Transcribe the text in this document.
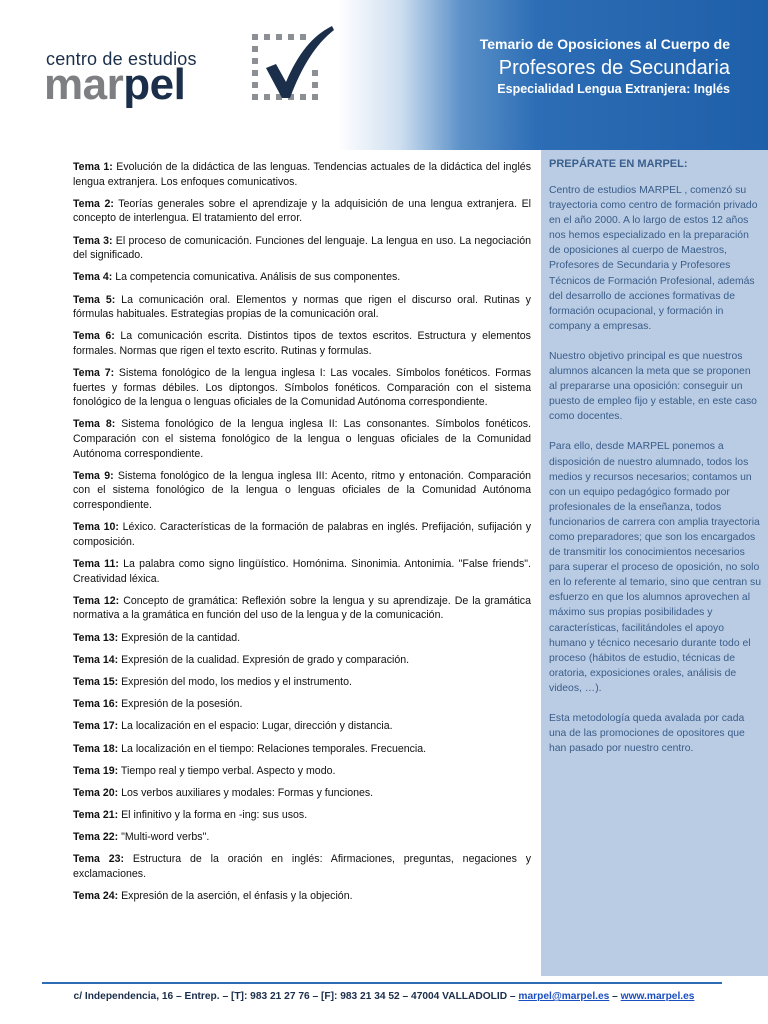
centro de estudios
marpel
Temario de Oposiciones al Cuerpo de
Profesores de Secundaria
Especialidad Lengua Extranjera: Inglés

Tema 1: Evolución de la didáctica de las lenguas. Tendencias actuales de la didáctica del inglés lengua extranjera. Los enfoques comunicativos.

Tema 2: Teorías generales sobre el aprendizaje y la adquisición de una lengua extranjera. El concepto de interlengua. El tratamiento del error.

Tema 3: El proceso de comunicación. Funciones del lenguaje. La lengua en uso. La negociación del significado.

Tema 4: La competencia comunicativa. Análisis de sus componentes.

Tema 5: La comunicación oral. Elementos y normas que rigen el discurso oral. Rutinas y fórmulas habituales. Estrategias propias de la comunicación oral.

Tema 6: La comunicación escrita. Distintos tipos de textos escritos. Estructura y elementos formales. Normas que rigen el texto escrito. Rutinas y formulas.

Tema 7: Sistema fonológico de la lengua inglesa I: Las vocales. Símbolos fonéticos. Formas fuertes y formas débiles. Los diptongos. Símbolos fonéticos. Comparación con el sistema fonológico de la lengua o lenguas oficiales de la Comunidad Autónoma correspondiente.

Tema 8: Sistema fonológico de la lengua inglesa II: Las consonantes. Símbolos fonéticos. Comparación con el sistema fonológico de la lengua o lenguas oficiales de la Comunidad Autónoma correspondiente.

Tema 9: Sistema fonológico de la lengua inglesa III: Acento, ritmo y entonación. Comparación con el sistema fonológico de la lengua o lenguas oficiales de la Comunidad Autónoma correspondiente.

Tema 10: Léxico. Características de la formación de palabras en inglés. Prefijación, sufijación y composición.

Tema 11: La palabra como signo lingüístico. Homónima. Sinonimia. Antonimia. "False friends". Creatividad léxica.

Tema 12: Concepto de gramática: Reflexión sobre la lengua y su aprendizaje. De la gramática normativa a la gramática en función del uso de la lengua y de la comunicación.

Tema 13: Expresión de la cantidad.

Tema 14: Expresión de la cualidad. Expresión de grado y comparación.

Tema 15: Expresión del modo, los medios y el instrumento.

Tema 16: Expresión de la posesión.

Tema 17: La localización en el espacio: Lugar, dirección y distancia.

Tema 18: La localización en el tiempo: Relaciones temporales. Frecuencia.

Tema 19: Tiempo real y tiempo verbal. Aspecto y modo.

Tema 20: Los verbos auxiliares y modales: Formas y funciones.

Tema 21: El infinitivo y la forma en -ing: sus usos.

Tema 22: "Multi-word verbs".

Tema 23: Estructura de la oración en inglés: Afirmaciones, preguntas, negaciones y exclamaciones.

Tema 24: Expresión de la aserción, el énfasis y la objeción.

PREPÁRATE EN MARPEL:

Centro de estudios MARPEL , comenzó su trayectoria como centro de formación privado en el año 2000. A lo largo de estos 12 años nos hemos especializado en la preparación de oposiciones al cuerpo de Maestros, Profesores de Secundaria y Profesores Técnicos de Formación Profesional, además del desarrollo de acciones formativas de formación ocupacional, y formación in company a empresas.

Nuestro objetivo principal es que nuestros alumnos alcancen la meta que se proponen al prepararse una oposición: conseguir un puesto de empleo fijo y estable, en este caso como docentes.

Para ello, desde MARPEL ponemos a disposición de nuestro alumnado, todos los medios y recursos necesarios; contamos un con un equipo pedagógico formado por profesionales de la enseñanza, todos funcionarios de carrera con amplia trayectoria como preparadores; que son los encargados de transmitir los conocimientos necesarios para superar el proceso de oposición, no solo en lo referente al temario, sino que centran su esfuerzo en que los alumnos aprovechen al máximo sus propias posibilidades y características, facilitándoles el apoyo humano y técnico necesario durante todo el proceso (hábitos de estudio, técnicas de oratoria, exposiciones orales, análisis de videos, …).

Esta metodología queda avalada por cada una de las promociones de opositores que han pasado por nuestro centro.

c/ Independencia, 16 – Entrep. – [T]: 983 21 27 76 – [F]: 983 21 34 52 – 47004 VALLADOLID – marpel@marpel.es – www.marpel.es
